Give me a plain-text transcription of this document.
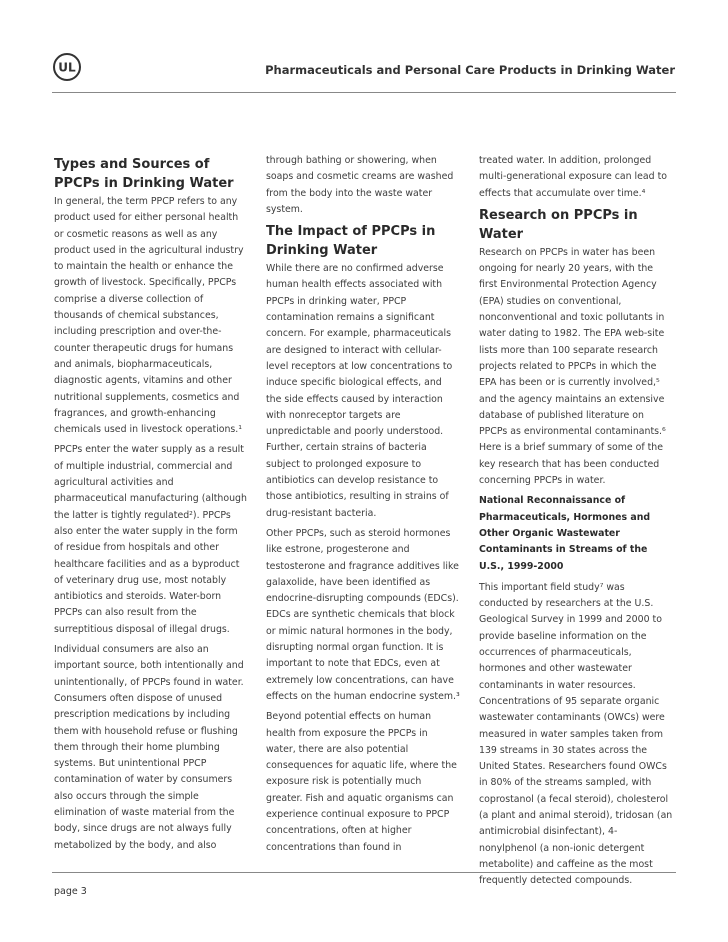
UL	Pharmaceuticals and Personal Care Products in Drinking Water
Types and Sources of PPCPs in Drinking Water

In general, the term PPCP refers to any product used for either personal health or cosmetic reasons as well as any product used in the agricultural industry to maintain the health or enhance the growth of livestock. Specifically, PPCPs comprise a diverse collection of thousands of chemical substances, including prescription and over-the-counter therapeutic drugs for humans and animals, biopharmaceuticals, diagnostic agents, vitamins and other nutritional supplements, cosmetics and fragrances, and growth-enhancing chemicals used in livestock operations.¹

PPCPs enter the water supply as a result of multiple industrial, commercial and agricultural activities and pharmaceutical manufacturing (although the latter is tightly regulated²). PPCPs also enter the water supply in the form of residue from hospitals and other healthcare facilities and as a byproduct of veterinary drug use, most notably antibiotics and steroids. Water-born PPCPs can also result from the surreptitious disposal of illegal drugs.

Individual consumers are also an important source, both intentionally and unintentionally, of PPCPs found in water. Consumers often dispose of unused prescription medications by including them with household refuse or flushing them through their home plumbing systems. But unintentional PPCP contamination of water by consumers also occurs through the simple elimination of waste material from the body, since drugs are not always fully metabolized by the body, and also

through bathing or showering, when soaps and cosmetic creams are washed from the body into the waste water system.

The Impact of PPCPs in Drinking Water

While there are no confirmed adverse human health effects associated with PPCPs in drinking water, PPCP contamination remains a significant concern. For example, pharmaceuticals are designed to interact with cellular-level receptors at low concentrations to induce specific biological effects, and the side effects caused by interaction with nonreceptor targets are unpredictable and poorly understood. Further, certain strains of bacteria subject to prolonged exposure to antibiotics can develop resistance to those antibiotics, resulting in strains of drug-resistant bacteria.

Other PPCPs, such as steroid hormones like estrone, progesterone and testosterone and fragrance additives like galaxolide, have been identified as endocrine-disrupting compounds (EDCs). EDCs are synthetic chemicals that block or mimic natural hormones in the body, disrupting normal organ function. It is important to note that EDCs, even at extremely low concentrations, can have effects on the human endocrine system.³

Beyond potential effects on human health from exposure the PPCPs in water, there are also potential consequences for aquatic life, where the exposure risk is potentially much greater. Fish and aquatic organisms can experience continual exposure to PPCP concentrations, often at higher concentrations than found in

treated water. In addition, prolonged multi-generational exposure can lead to effects that accumulate over time.⁴

Research on PPCPs in Water

Research on PPCPs in water has been ongoing for nearly 20 years, with the first Environmental Protection Agency (EPA) studies on conventional, nonconventional and toxic pollutants in water dating to 1982. The EPA web-site lists more than 100 separate research projects related to PPCPs in which the EPA has been or is currently involved,⁵ and the agency maintains an extensive database of published literature on PPCPs as environmental contaminants.⁶ Here is a brief summary of some of the key research that has been conducted concerning PPCPs in water.

National Reconnaissance of Pharmaceuticals, Hormones and Other Organic Wastewater Contaminants in Streams of the U.S., 1999-2000

This important field study⁷ was conducted by researchers at the U.S. Geological Survey in 1999 and 2000 to provide baseline information on the occurrences of pharmaceuticals, hormones and other wastewater contaminants in water resources. Concentrations of 95 separate organic wastewater contaminants (OWCs) were measured in water samples taken from 139 streams in 30 states across the United States. Researchers found OWCs in 80% of the streams sampled, with coprostanol (a fecal steroid), cholesterol (a plant and animal steroid), tridosan (an antimicrobial disinfectant), 4-nonylphenol (a non-ionic detergent metabolite) and caffeine as the most frequently detected compounds.

page 3
